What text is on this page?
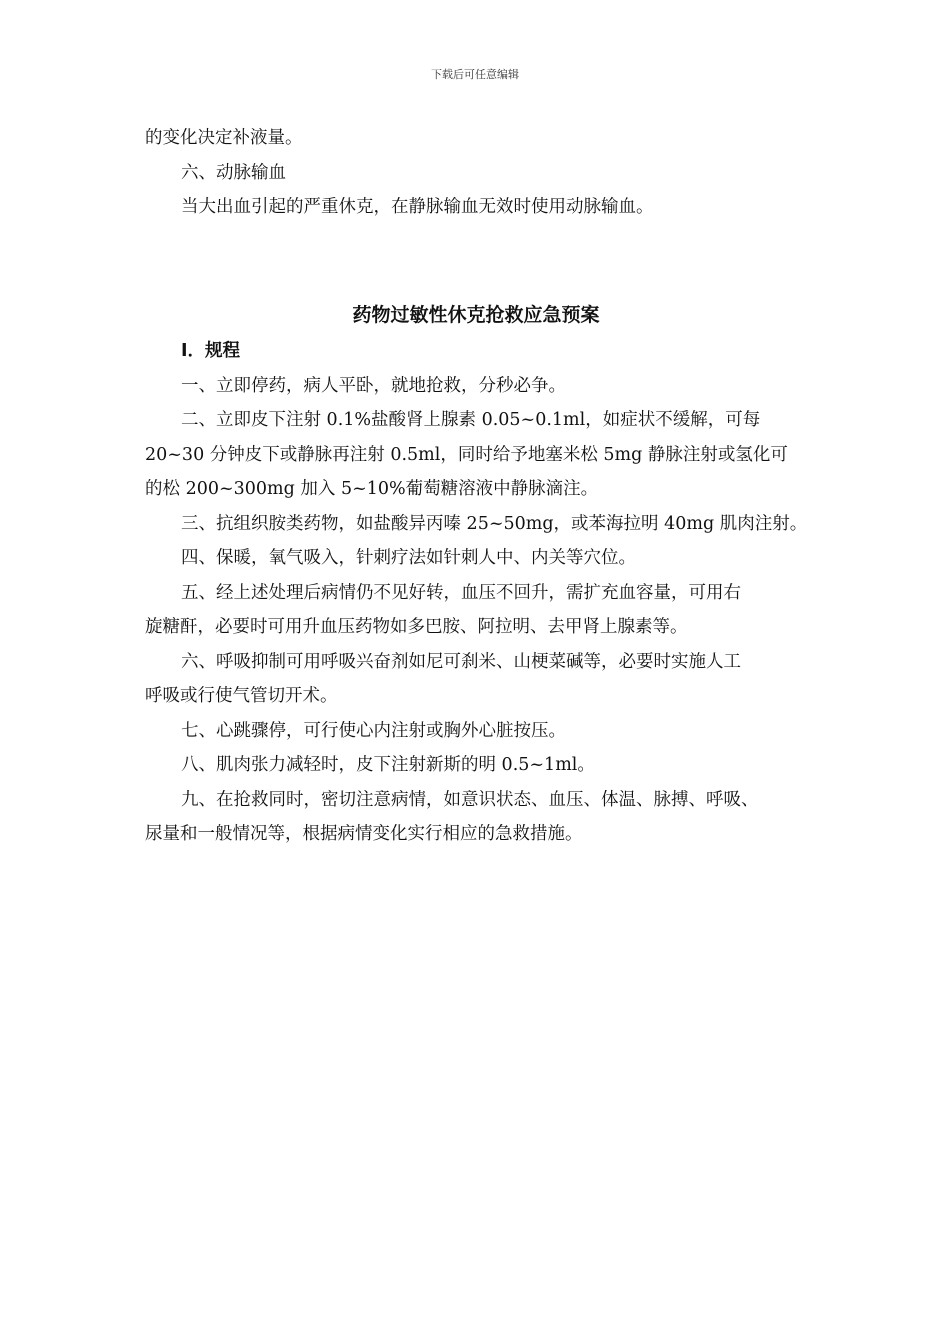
下载后可任意编辑

的变化决定补液量。

六、动脉输血

当大出血引起的严重休克，在静脉输血无效时使用动脉输血。

药物过敏性休克抢救应急预案

Ⅰ．规程

一、立即停药，病人平卧，就地抢救，分秒必争。

二、立即皮下注射 0.1%盐酸肾上腺素 0.05~0.1ml，如症状不缓解，可每

20~30 分钟皮下或静脉再注射 0.5ml，同时给予地塞米松 5mg 静脉注射或氢化可

的松 200~300mg 加入 5~10%葡萄糖溶液中静脉滴注。

三、抗组织胺类药物，如盐酸异丙嗪 25~50mg，或苯海拉明 40mg 肌肉注射。

四、保暖，氧气吸入，针刺疗法如针刺人中、内关等穴位。

五、经上述处理后病情仍不见好转，血压不回升，需扩充血容量，可用右

旋糖酐，必要时可用升血压药物如多巴胺、阿拉明、去甲肾上腺素等。

六、呼吸抑制可用呼吸兴奋剂如尼可刹米、山梗菜碱等，必要时实施人工

呼吸或行使气管切开术。

七、心跳骤停，可行使心内注射或胸外心脏按压。

八、肌肉张力减轻时，皮下注射新斯的明 0.5~1ml。

九、在抢救同时，密切注意病情，如意识状态、血压、体温、脉搏、呼吸、

尿量和一般情况等，根据病情变化实行相应的急救措施。
